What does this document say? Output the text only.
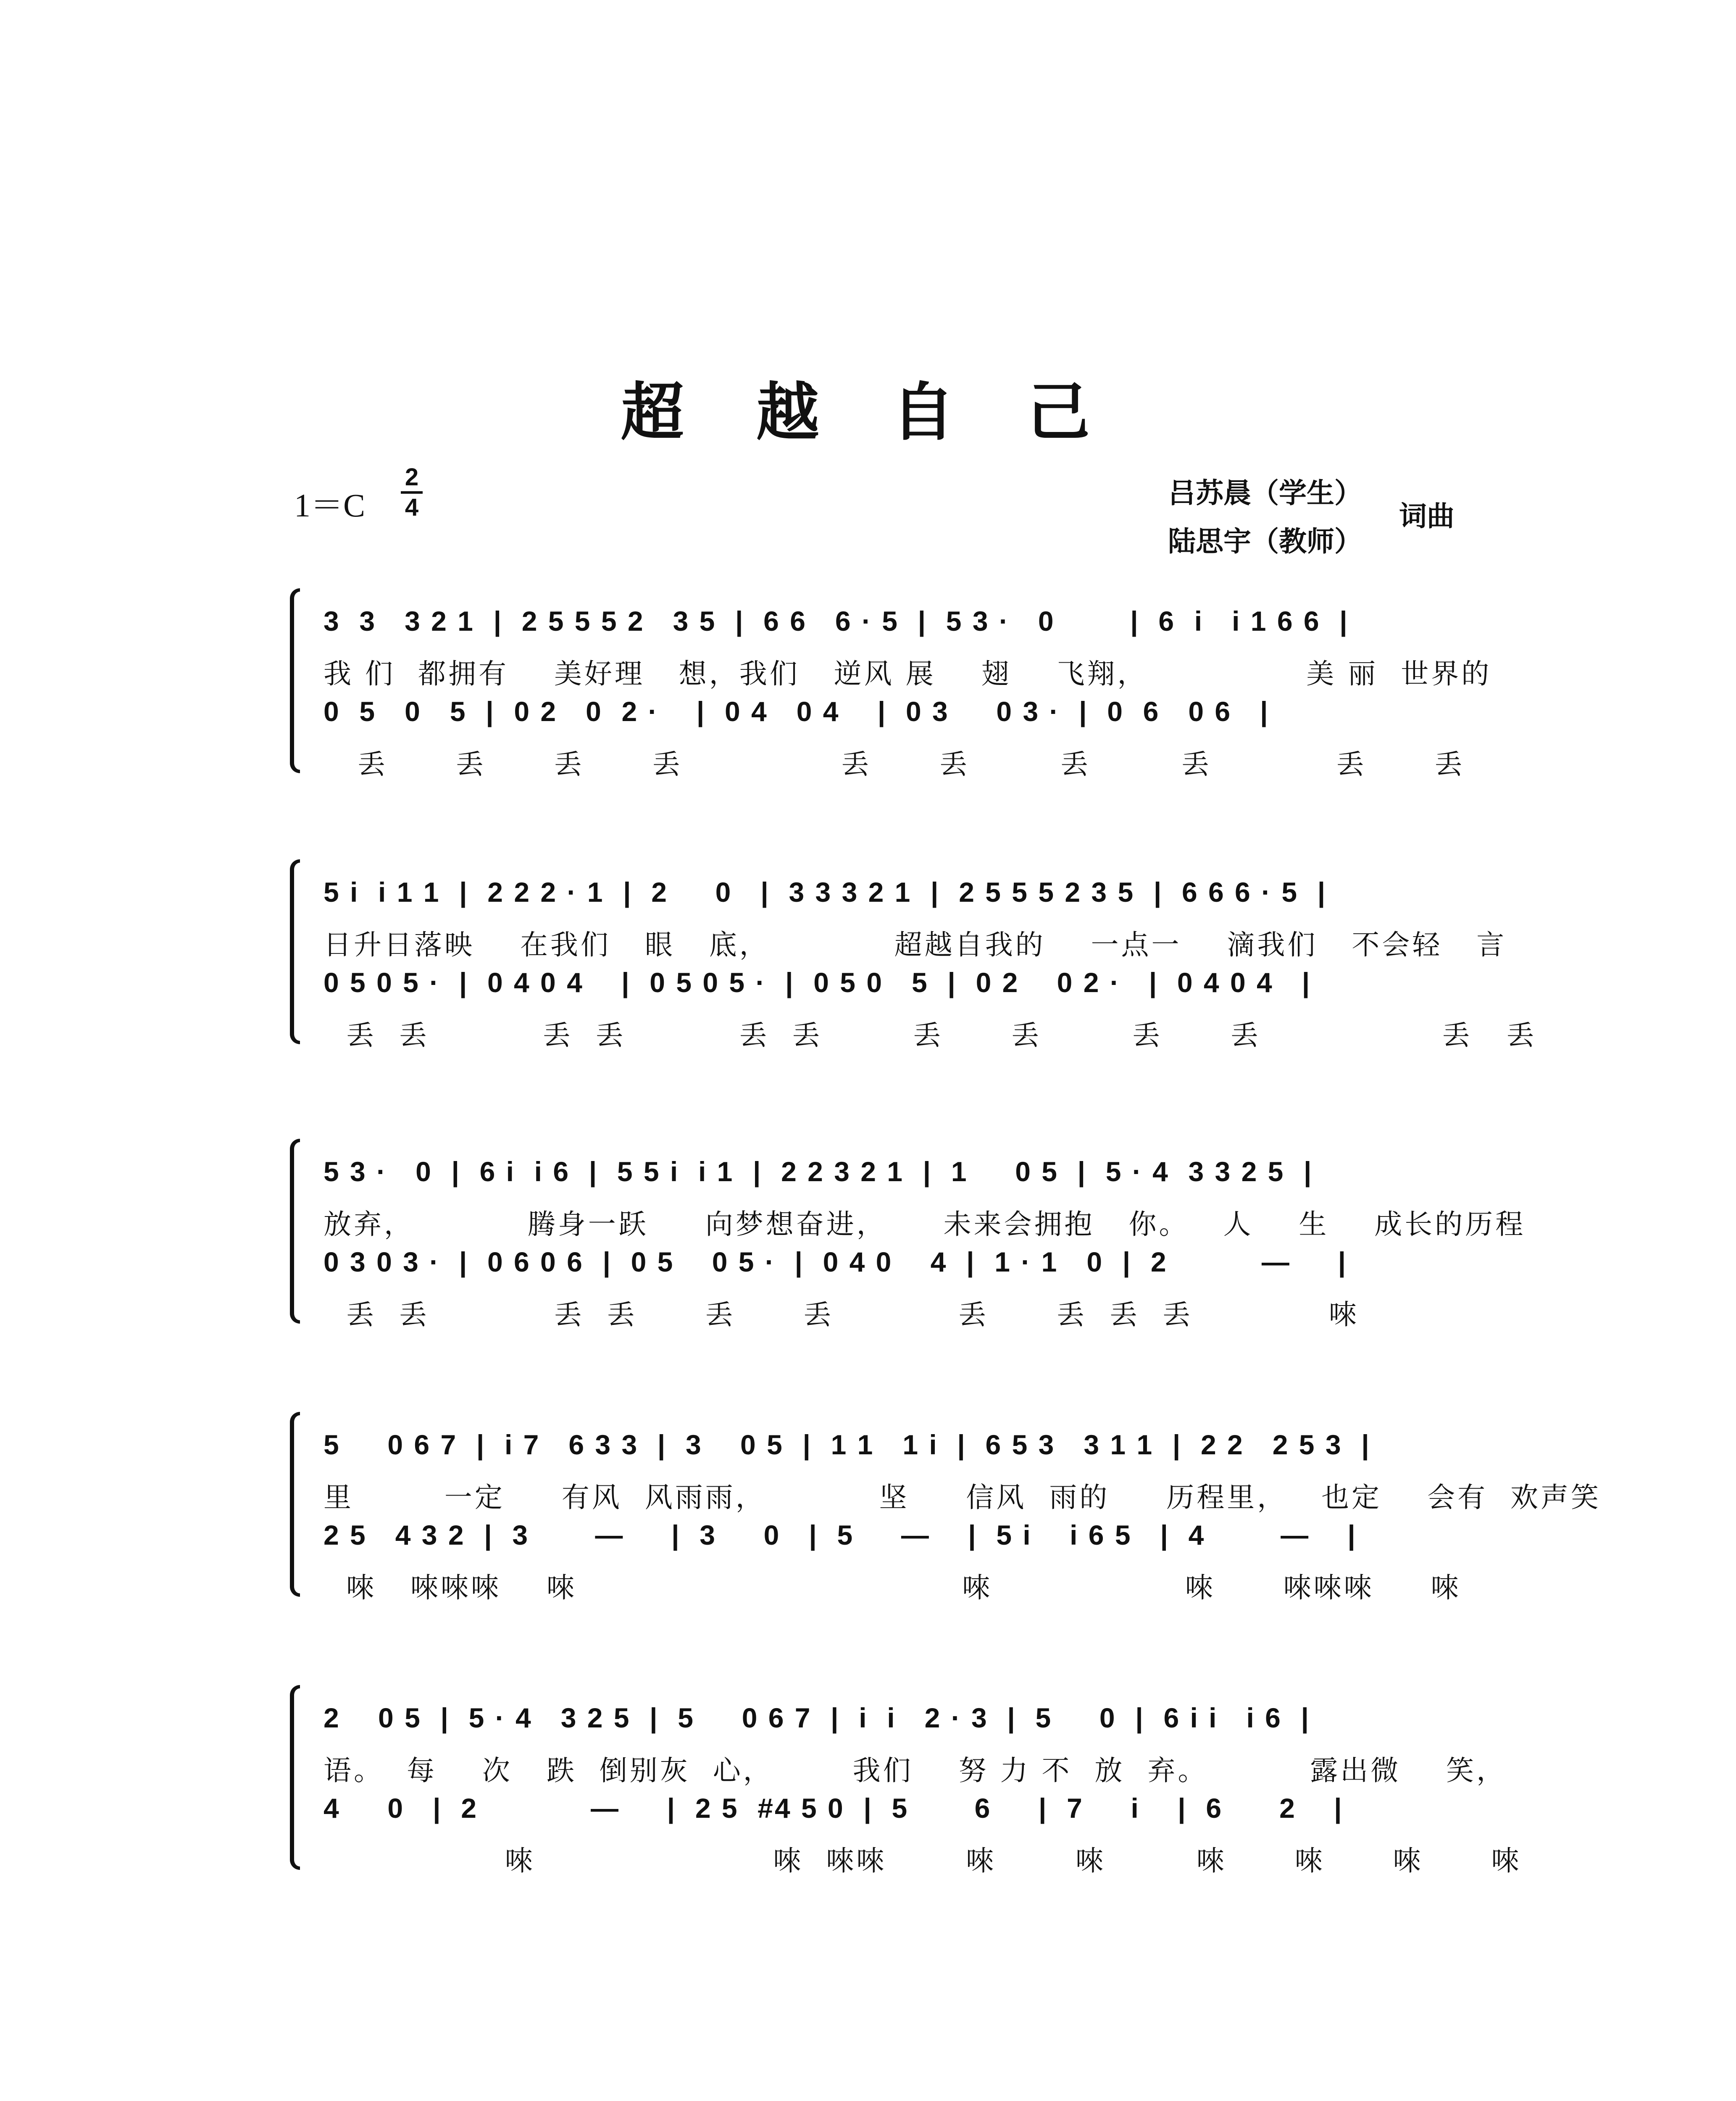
超 越 自 己
1＝C
2
4	吕苏晨（学生）
陆思宇（教师）
词曲
3  3   3 2 1  |  2 5 5 5 2   3 5  |  6 6   6 · 5  |  5 3 ·   0        |  6  i   i 1 6 6  |
我 们  都拥有    美好理   想，我们   逆风 展    翅    飞翔，              美 丽  世界的
0  5   0   5  |  0 2   0  2 ·    |  0 4   0 4    |  0 3     0 3 ·  |  0  6   0 6   |
丢      丢      丢      丢              丢      丢        丢        丢           丢      丢
5 i  i 1 1  |  2 2 2 · 1  |  2     0   |  3 3 3 2 1  |  2 5 5 5 2 3 5  |  6 6 6 · 5  |
日升日落映    在我们   眼   底，           超越自我的    一点一    滴我们   不会轻   言
0 5 0 5 ·  |  0 4 0 4    |  0 5 0 5 ·  |  0 5 0   5  |  0 2    0 2 ·   |  0 4 0 4   |
丢  丢          丢  丢          丢  丢        丢      丢        丢      丢                丢   丢
5 3 ·   0  |  6 i  i 6  |  5 5 i  i 1  |  2 2 3 2 1  |  1     0 5  |  5 · 4  3 3 2 5  |
放弃，          腾身一跃     向梦想奋进，     未来会拥抱   你。   人    生    成长的历程
0 3 0 3 ·  |  0 6 0 6  |  0 5    0 5 ·  |  0 4 0    4  |  1 · 1   0  |  2          —     |
丢  丢           丢  丢      丢      丢           丢      丢  丢  丢            唻
5     0 6 7  |  i 7   6 3 3  |  3    0 5  |  1 1   1 i  |  6 5 3   3 1 1  |  2 2   2 5 3  |
里        一定     有风  风雨雨，          坚     信风  雨的     历程里，   也定    会有  欢声笑
2 5   4 3 2  |  3       —     |  3     0   |  5     —    |  5 i    i 6 5   |  4        —    |
唻   唻唻唻    唻                                  唻                 唻      唻唻唻     唻
2    0 5  |  5 · 4   3 2 5  |  5     0 6 7  |  i  i   2 · 3  |  5     0  |  6 i i   i 6  |
语。  每    次   跌  倒别灰  心，       我们    努 力 不  放  弃。         露出微    笑，
4     0   |  2            —     |  2 5  #4 5 0  |  5       6     |  7     i    |  6      2    |
唻                     唻  唻唻       唻       唻        唻      唻      唻      唻
